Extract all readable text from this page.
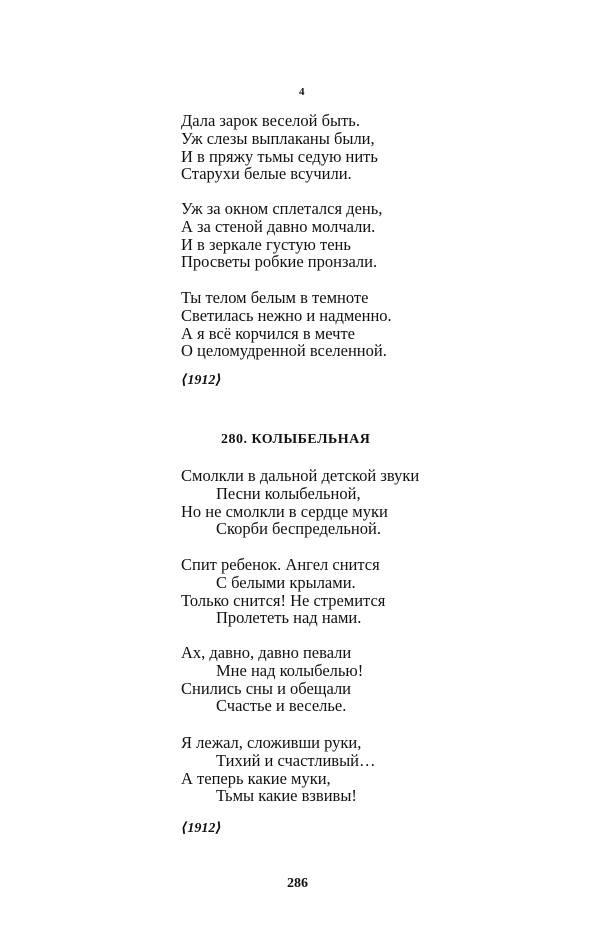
4
Дала зарок веселой быть.
Уж слезы выплаканы были,
И в пряжу тьмы седую нить
Старухи белые всучили.
Уж за окном сплетался день,
А за стеной давно молчали.
И в зеркале густую тень
Просветы робкие пронзали.
Ты телом белым в темноте
Светилась нежно и надменно.
А я всё корчился в мечте
О целомудренной вселенной.
⟨1912⟩
280. КОЛЫБЕЛЬНАЯ
Смолкли в дальной детской звуки
Песни колыбельной,
Но не смолкли в сердце муки
Скорби беспредельной.
Спит ребенок. Ангел снится
С белыми крылами.
Только снится! Не стремится
Пролететь над нами.
Ах, давно, давно певали
Мне над колыбелью!
Снились сны и обещали
Счастье и веселье.
Я лежал, сложивши руки,
Тихий и счастливый…
А теперь какие муки,
Тьмы какие взвивы!
⟨1912⟩
286
